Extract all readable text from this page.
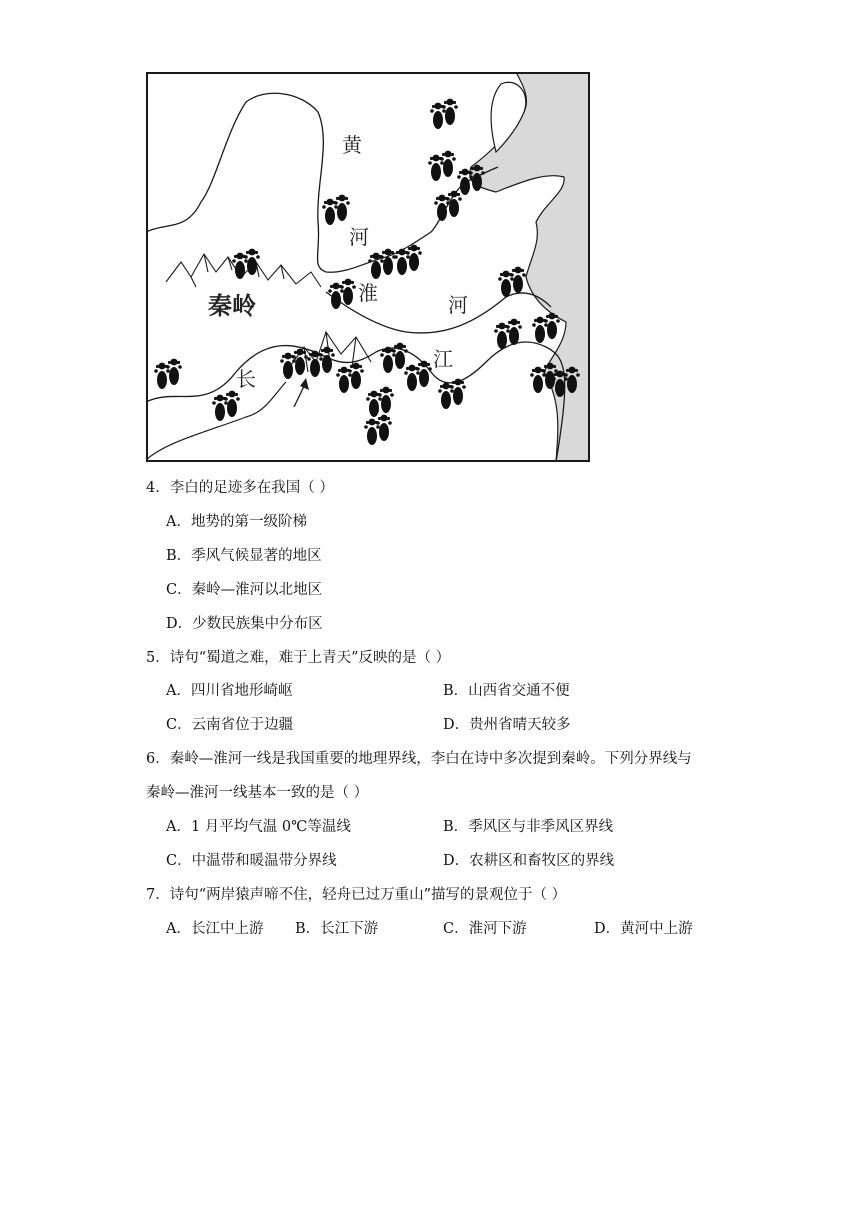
黄
河
秦岭	淮	河
长
江
4．李白的足迹多在我国（ ）
A．地势的第一级阶梯
B．季风气候显著的地区
C．秦岭—淮河以北地区
D．少数民族集中分布区
5．诗句“蜀道之难，难于上青天”反映的是（ ）
A．四川省地形崎岖	B．山西省交通不便
C．云南省位于边疆	D．贵州省晴天较多
6．秦岭—淮河一线是我国重要的地理界线，李白在诗中多次提到秦岭。下列分界线与
秦岭—淮河一线基本一致的是（ ）
A．1 月平均气温 0℃等温线	B．季风区与非季风区界线
C．中温带和暖温带分界线	D．农耕区和畜牧区的界线
7．诗句“两岸猿声啼不住，轻舟已过万重山”描写的景观位于（ ）
A．长江中上游 B．长江下游	C．淮河下游	D．黄河中上游
